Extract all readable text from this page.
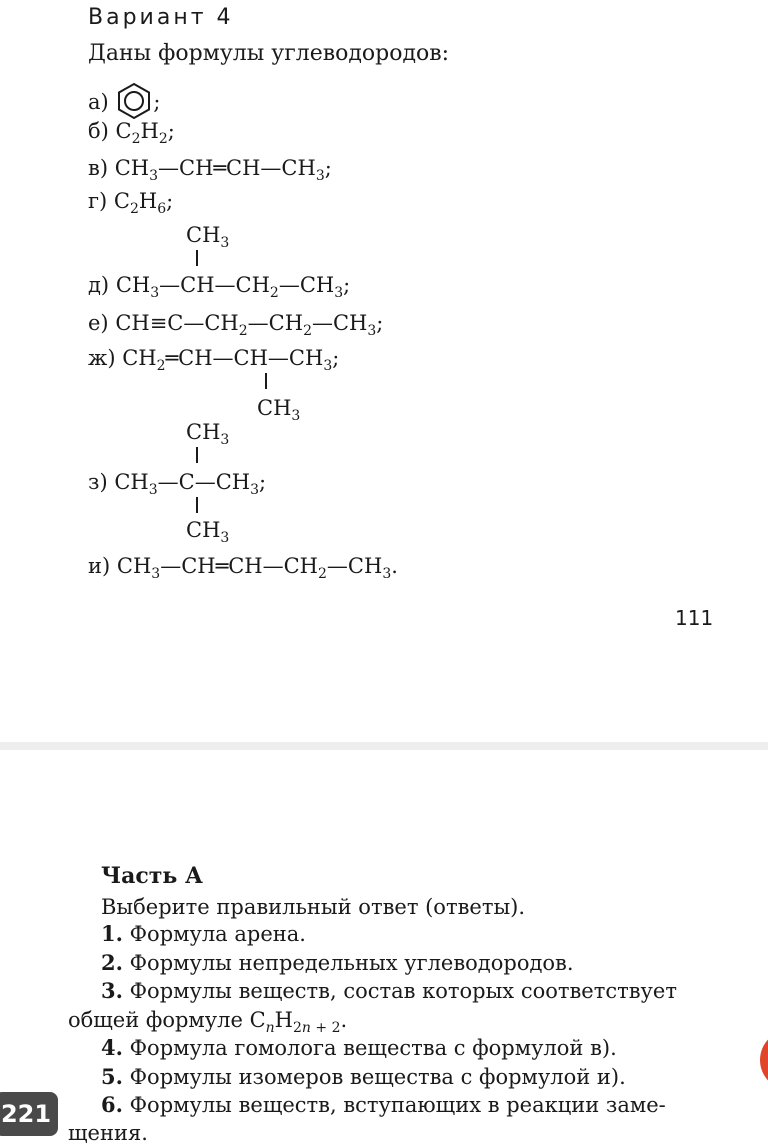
Вариант 4
Даны формулы углеводородов:
а) ;
б) $C_2H_2$;
в) $CH_3—CH═CH—CH_3$;
г) $C_2H_6$;
$CH_3$
д) $CH_3—CH—CH_2—CH_3$;
е) $CH\equiv C—CH_2—CH_2—CH_3$;
ж) $CH_2═CH—CH—CH_3$;
$CH_3$
$CH_3$
з) $CH_3—C—CH_3$;
$CH_3$
и) $CH_3—CH═CH—CH_2—CH_3$.
111
Часть А
Выберите правильный ответ (ответы).
1. Формула арена.
2. Формулы непредельных углеводородов.
3. Формулы веществ, состав которых соответствует
общей формуле $C_nH_{2n + 2}$.
4. Формула гомолога вещества с формулой в).
5. Формулы изомеров вещества с формулой и).
6. Формулы веществ, вступающих в реакции заме-
щения.
221
